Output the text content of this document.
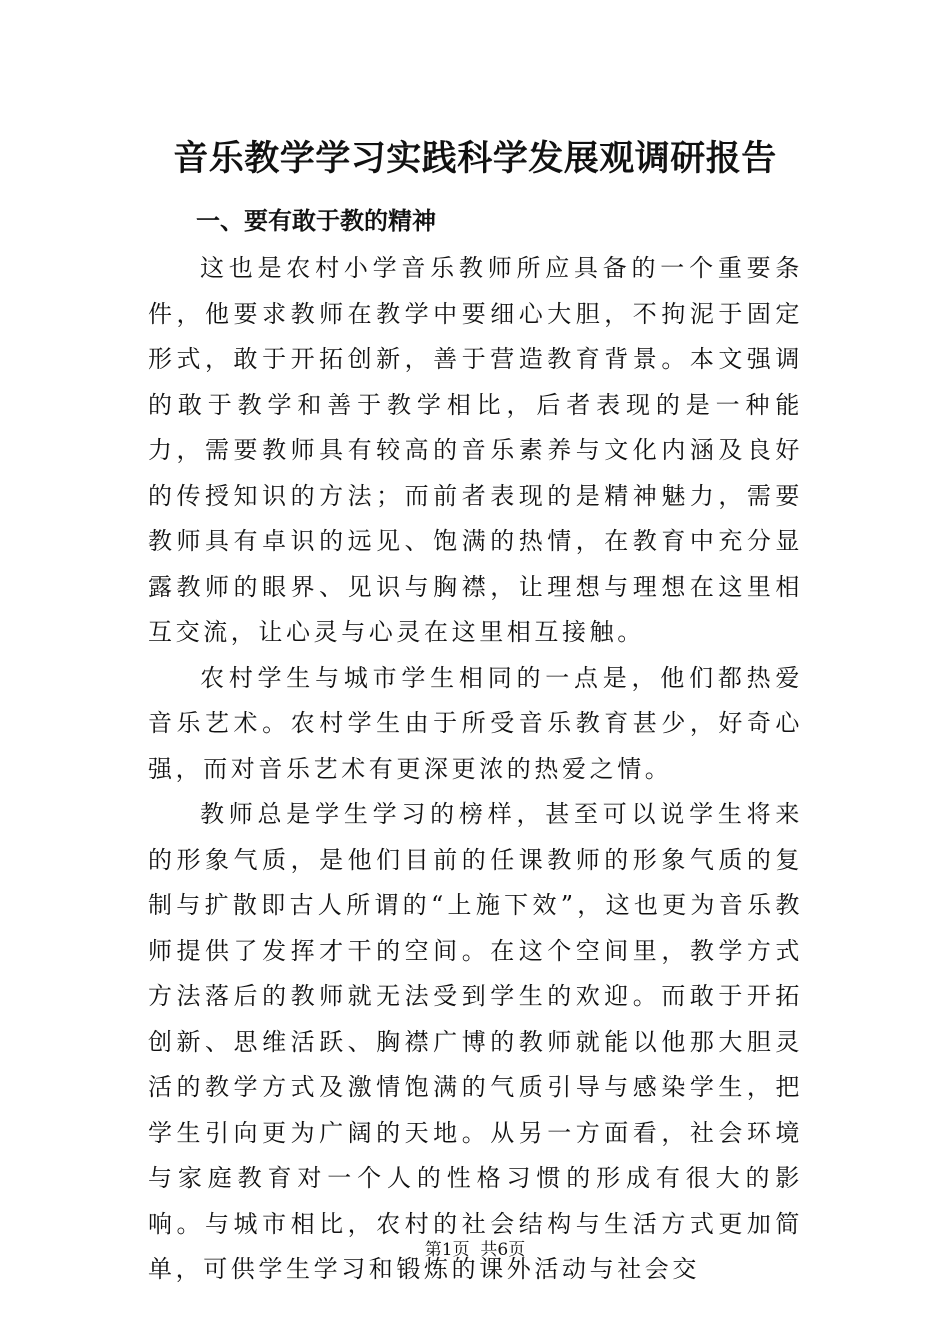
音乐教学学习实践科学发展观调研报告
一、要有敢于教的精神

这也是农村小学音乐教师所应具备的一个重要条件，他要求教师在教学中要细心大胆，不拘泥于固定形式，敢于开拓创新，善于营造教育背景。本文强调的敢于教学和善于教学相比，后者表现的是一种能力，需要教师具有较高的音乐素养与文化内涵及良好的传授知识的方法；而前者表现的是精神魅力，需要教师具有卓识的远见、饱满的热情，在教育中充分显露教师的眼界、见识与胸襟，让理想与理想在这里相互交流，让心灵与心灵在这里相互接触。

农村学生与城市学生相同的一点是，他们都热爱音乐艺术。农村学生由于所受音乐教育甚少，好奇心强，而对音乐艺术有更深更浓的热爱之情。

教师总是学生学习的榜样，甚至可以说学生将来的形象气质，是他们目前的任课教师的形象气质的复制与扩散即古人所谓的“上施下效”，这也更为音乐教师提供了发挥才干的空间。在这个空间里，教学方式方法落后的教师就无法受到学生的欢迎。而敢于开拓创新、思维活跃、胸襟广博的教师就能以他那大胆灵活的教学方式及激情饱满的气质引导与感染学生，把学生引向更为广阔的天地。从另一方面看，社会环境与家庭教育对一个人的性格习惯的形成有很大的影响。与城市相比，农村的社会结构与生活方式更加简单，可供学生学习和锻炼的课外活动与社会交

第1页 共6页
